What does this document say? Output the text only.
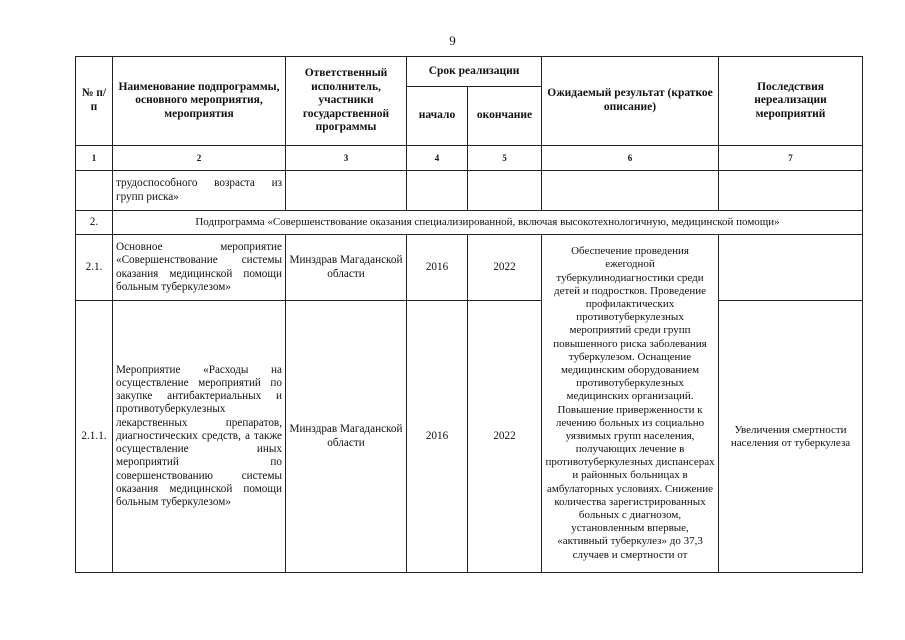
9
№ п/п	Наименование подпрограммы, основного мероприятия, мероприятия	Ответственный исполнитель, участники государственной программы	Срок реализации		Ожидаемый результат (краткое описание)	Последствия нереализации мероприятий
			начало	окончание		
1	2	3	4	5	6	7
	трудоспособного возраста из групп риска»					
2.	Подпрограмма «Совершенствование оказания специализированной, включая высокотехнологичную, медицинской помощи»					
2.1.	Основное мероприятие «Совершенствование системы оказания медицинской помощи больным туберкулезом»	Минздрав Магаданской области	2016	2022	Обеспечение проведения ежегодной туберкулинодиагностики среди детей и подростков. Проведение профилактических противотуберкулезных мероприятий среди групп повышенного риска заболевания туберкулезом. Оснащение медицинским оборудованием противотуберкулезных медицинских организаций. Повышение приверженности к лечению больных из социально уязвимых групп населения, получающих лечение в противотуберкулезных диспансерах и районных больницах в амбулаторных условиях. Снижение количества зарегистрированных больных с диагнозом, установленным впервые, «активный туберкулез» до 37,3 случаев и смертности от	
2.1.1.	Мероприятие «Расходы на осуществление мероприятий по закупке антибактериальных и противотуберкулезных лекарственных препаратов, диагностических средств, а также осуществление иных мероприятий по совершенствованию системы оказания медицинской помощи больным туберкулезом»	Минздрав Магаданской области	2016	2022		Увеличения смертности населения от туберкулеза
